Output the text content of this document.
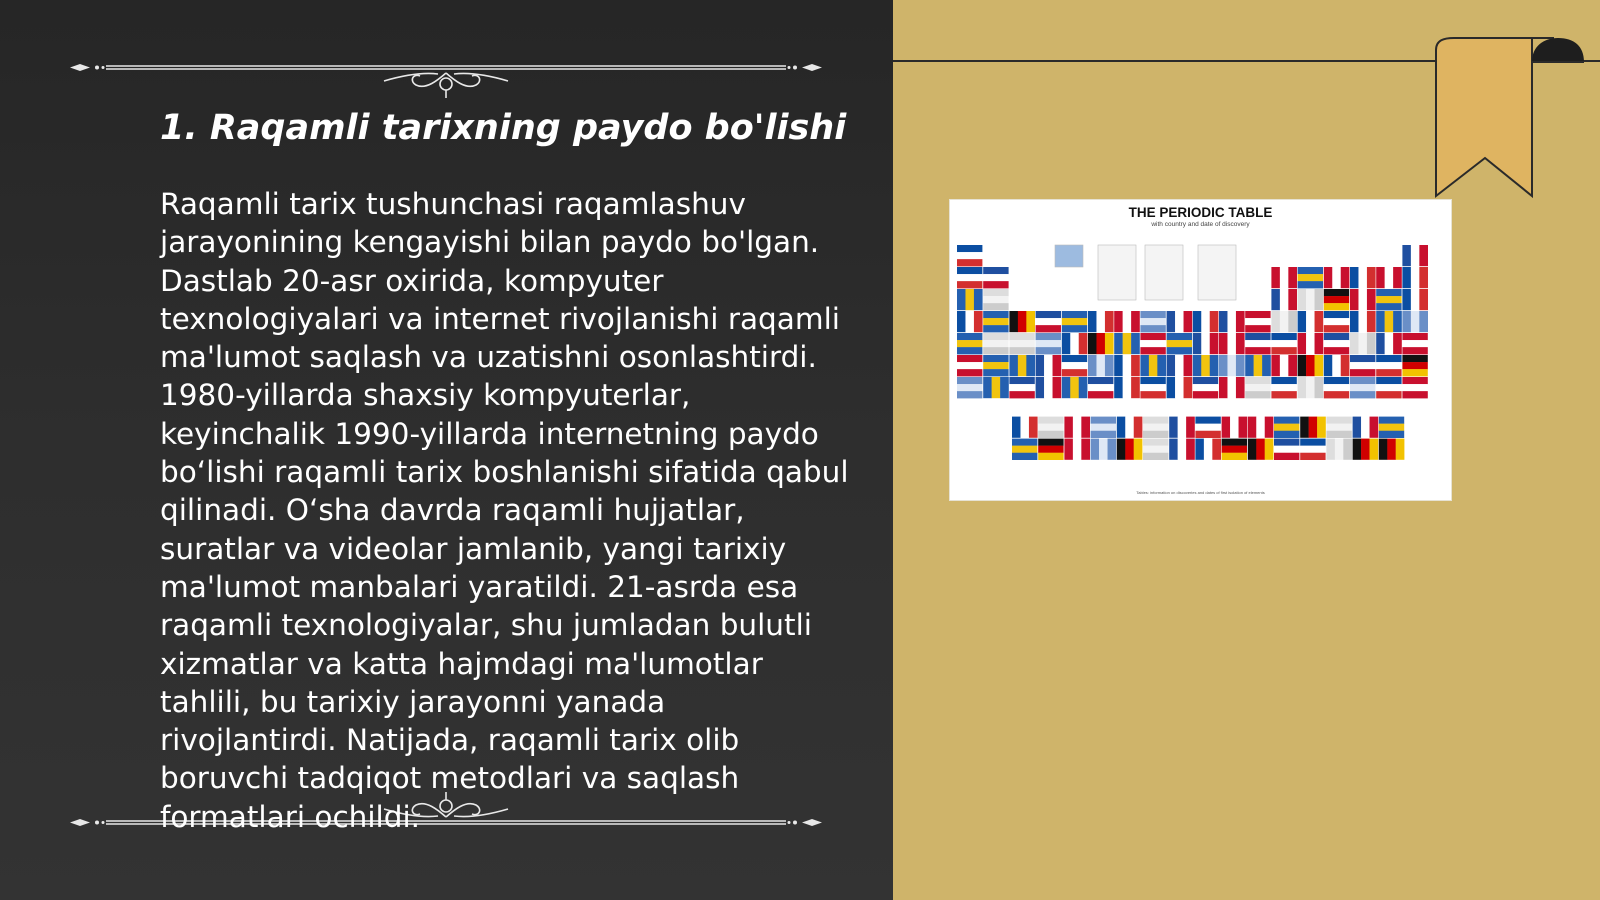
1. Raqamli tarixning paydo bo'lishi

Raqamli tarix tushunchasi raqamlashuv jarayonining kengayishi bilan paydo bo'lgan. Dastlab 20-asr oxirida, kompyuter texnologiyalari va internet rivojlanishi raqamli ma'lumot saqlash va uzatishni osonlashtirdi. 1980-yillarda shaxsiy kompyuterlar, keyinchalik 1990-yillarda internetning paydo bo‘lishi raqamli tarix boshlanishi sifatida qabul qilinadi. O‘sha davrda raqamli hujjatlar, suratlar va videolar jamlanib, yangi tarixiy ma'lumot manbalari yaratildi. 21-asrda esa raqamli texnologiyalar, shu jumladan bulutli xizmatlar va katta hajmdagi ma'lumotlar tahlili, bu tarixiy jarayonni yanada rivojlantirdi. Natijada, raqamli tarix olib boruvchi tadqiqot metodlari va saqlash formatlari ochildi.

THE PERIODIC TABLE
with country and date of discovery
Tables: information on discoveries and dates of first isolation of elements
